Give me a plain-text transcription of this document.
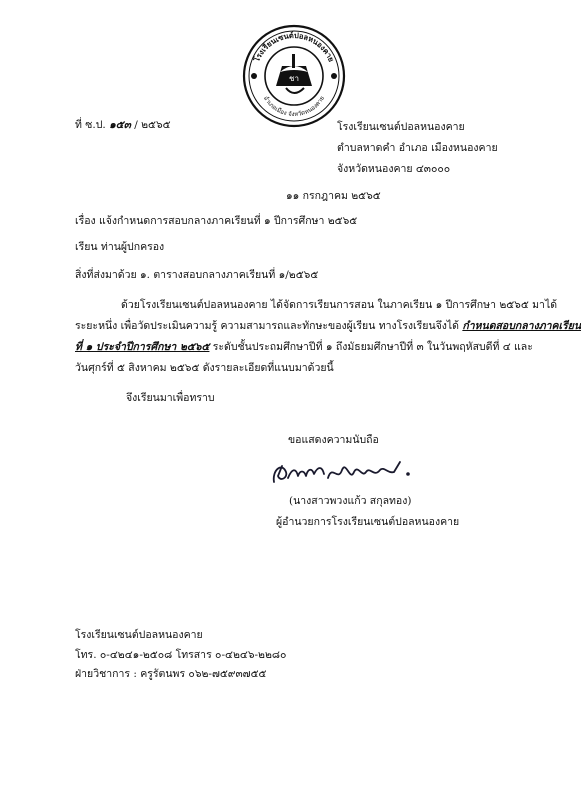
โรงเรียนเซนต์ปอลหนองคาย
อำเภอเมือง จังหวัดหนองคาย
ชา
ที่ ซ.ป. ๑๕๓ / ๒๕๖๕	โรงเรียนเซนต์ปอลหนองคาย
ตำบลหาดคำ อำเภอ เมืองหนองคาย
จังหวัดหนองคาย ๔๓๐๐๐
๑๑ กรกฎาคม ๒๕๖๕
เรื่อง แจ้งกำหนดการสอบกลางภาคเรียนที่ ๑ ปีการศึกษา ๒๕๖๕
เรียน ท่านผู้ปกครอง
สิ่งที่ส่งมาด้วย ๑. ตารางสอบกลางภาคเรียนที่ ๑/๒๕๖๕
ด้วยโรงเรียนเซนต์ปอลหนองคาย ได้จัดการเรียนการสอน ในภาคเรียน ๑ ปีการศึกษา ๒๕๖๕ มาได้
ระยะหนึ่ง เพื่อวัดประเมินความรู้ ความสามารถและทักษะของผู้เรียน ทางโรงเรียนจึงได้ กำหนดสอบกลางภาคเรียน
ที่ ๑ ประจำปีการศึกษา ๒๕๖๕ ระดับชั้นประถมศึกษาปีที่ ๑ ถึงมัธยมศึกษาปีที่ ๓ ในวันพฤหัสบดีที่ ๔ และ
วันศุกร์ที่ ๕ สิงหาคม ๒๕๖๕ ดังรายละเอียดที่แนบมาด้วยนี้
จึงเรียนมาเพื่อทราบ
ขอแสดงความนับถือ
(นางสาวพวงแก้ว สกุลทอง)
ผู้อำนวยการโรงเรียนเซนต์ปอลหนองคาย
โรงเรียนเซนต์ปอลหนองคาย
โทร. ๐-๔๒๔๑-๒๕๐๘ โทรสาร ๐-๔๒๔๖-๒๒๘๐
ฝ่ายวิชาการ : ครูรัตนพร ๐๖๒-๗๕๙๓๗๕๕
